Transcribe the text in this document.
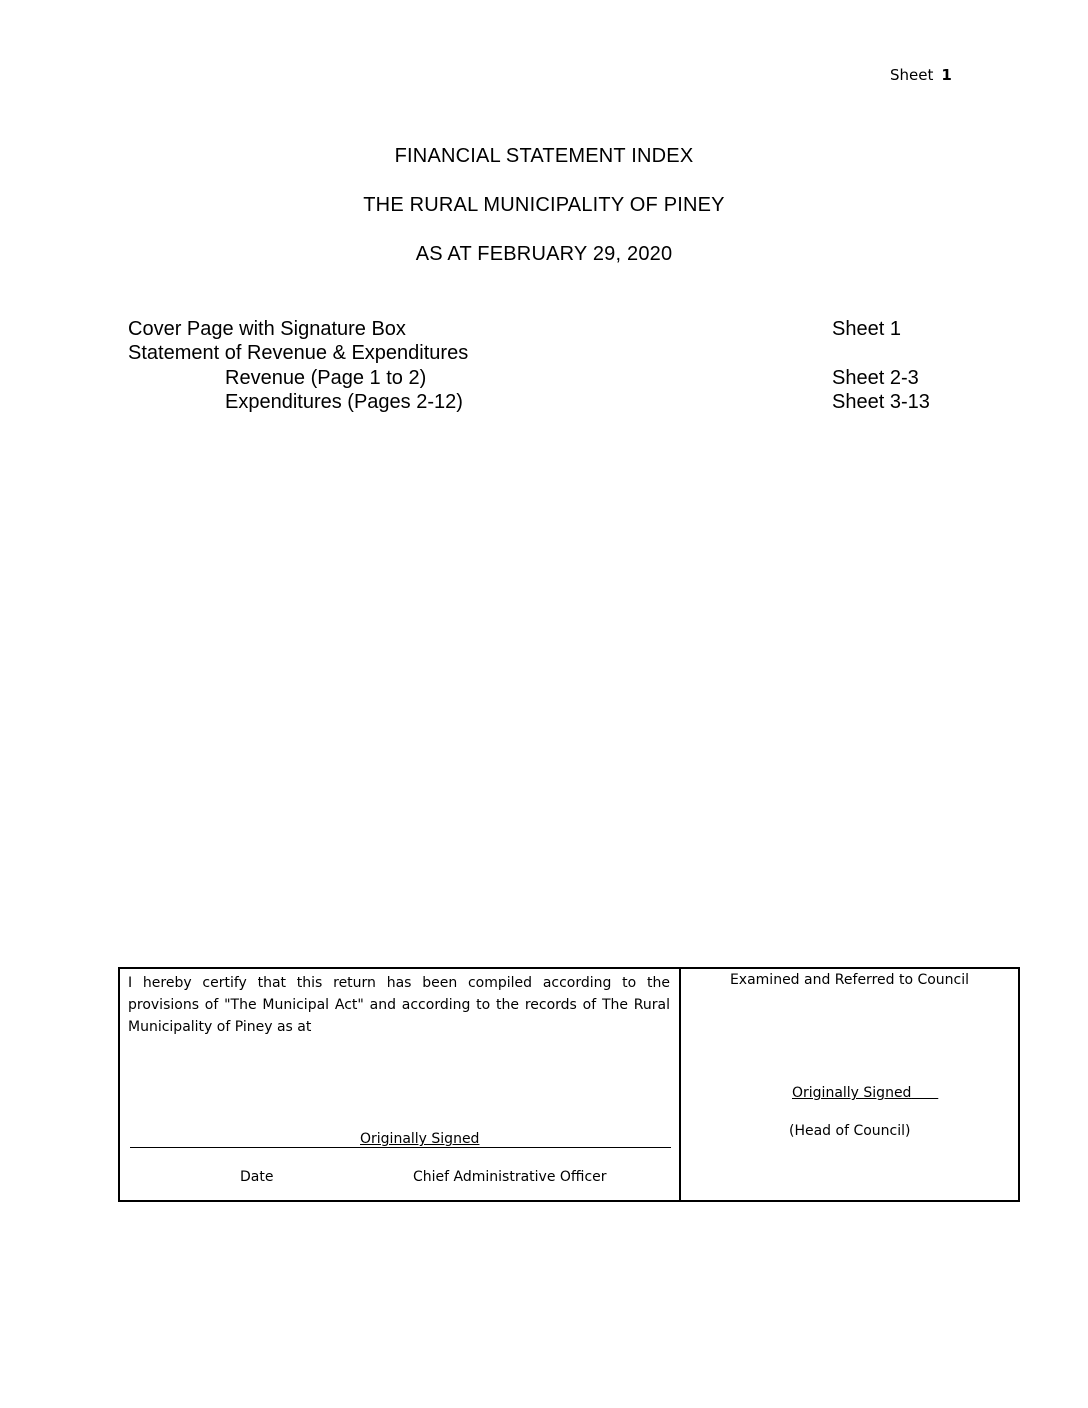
Sheet 1
FINANCIAL STATEMENT INDEX
THE RURAL MUNICIPALITY OF PINEY
AS AT FEBRUARY 29, 2020
Cover Page with Signature Box	Sheet 1
Statement of Revenue & Expenditures
Revenue (Page 1 to 2)	Sheet 2-3
Expenditures (Pages 2-12)	Sheet 3-13
I hereby certify that this return has been compiled according to the provisions of "The Municipal Act" and according to the records of The Rural Municipality of Piney as at
Originally Signed
Date	Chief Administrative Officer
Examined and Referred to Council
Originally Signed
(Head of Council)
